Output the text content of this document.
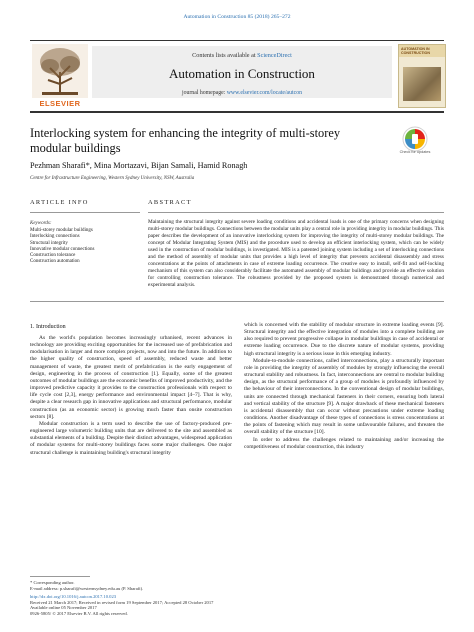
Automation in Construction 85 (2018) 265–272
ELSEVIER
Contents lists available at ScienceDirect
Automation in Construction
journal homepage: www.elsevier.com/locate/autcon
AUTOMATION IN CONSTRUCTION
Interlocking system for enhancing the integrity of multi-storey modular buildings	Check for updates
Pezhman Sharafi*, Mina Mortazavi, Bijan Samali, Hamid Ronagh
Centre for Infrastructure Engineering, Western Sydney University, NSW, Australia
ARTICLE INFO	ABSTRACT
Keywords:
Multi-storey modular buildings
Interlocking connections
Structural integrity
Innovative modular connections
Construction tolerance
Construction automation
Maintaining the structural integrity against severe loading conditions and accidental loads is one of the primary concerns when designing multi-storey modular buildings. Connections between the modular units play a central role in providing integrity in modular buildings. This paper describes the development of an innovative interlocking system for improving the integrity of multi-storey modular buildings. The concept of Modular Integrating System (MIS) and the procedure used to develop an efficient interlocking system, which can be widely used in the construction of modular buildings, is investigated. MIS is a patented joining system including a set of interlocking connections and the method of assembly of modular units that provides a high level of integrity that prevents accidental disassembly and stress concentrations at the points of attachments in case of extreme loading occurrence. The creative easy to install, self-fit and self-locking mechanism of this system can also considerably facilitate the automated assembly of modular buildings and provide an effective solution for controlling construction tolerance. The robustness provided by the proposed system is demonstrated through numerical and experimental analysis.
1. Introduction

As the world's population becomes increasingly urbanised, recent advances in technology are providing exciting opportunities for the increased use of prefabrication and modularisation in larger and more complex projects, now and into the future. In addition to the higher quality of construction, speed of assembly, reduced waste and better management of waste, the greatest merit of prefabrication is the early engagement of design, engineering in the process of construction [1]. Equally, some of the greatest outcomes of modular buildings are the economic benefits of improved productivity, and the improved predictive capacity it provides to the construction professionals with respect to life cycle cost [2,3], energy performance and environmental impact [4–7]. That is why, despite a clear research gap in innovative applications and structural performance, modular construction (as an economic sector) is growing much faster than onsite construction sectors [8].

Modular construction is a term used to describe the use of factory-produced pre-engineered large volumetric building units that are delivered to the site and assembled as substantial elements of a building. Despite their distinct advantages, widespread application of modular systems for multi-storey buildings faces some major challenges. One major structural challenge is maintaining building's structural integrity

which is concerned with the stability of modular structure in extreme loading events [9]. Structural integrity and the effective integration of modules into a complete building are also required to prevent progressive collapse in modular buildings in case of accidental or extreme loading occurrence. Due to the discrete nature of modular systems, providing high structural integrity is a serious issue in this emerging industry.

Module-to-module connections, called interconnections, play a structurally important role in providing the integrity of assembly of modules by strongly influencing the overall structural stability and robustness. In fact, interconnections are central to modular building design, as the structural performance of a group of modules is profoundly influenced by the behaviour of their interconnections. In the conventional design of modular buildings, units are connected through mechanical fasteners in their corners, ensuring both lateral and vertical stability of the structure [9]. A major drawback of these mechanical fasteners is accidental disassembly that can occur without precautions under extreme loading conditions. Another disadvantage of these types of connections is stress concentrations at the points of fastening which may result in some unfavourable failures, and threaten the overall stability of the structure [10].

In order to address the challenges related to maintaining and/or increasing the competitiveness of modular construction, this industry

* Corresponding author.
E-mail address: p.sharafi@westernsydney.edu.au (P. Sharafi).
http://dx.doi.org/10.1016/j.autcon.2017.10.023
Received 21 March 2017; Received in revised form 19 September 2017; Accepted 28 October 2017
Available online 05 November 2017
0926-5805/ © 2017 Elsevier B.V. All rights reserved.
